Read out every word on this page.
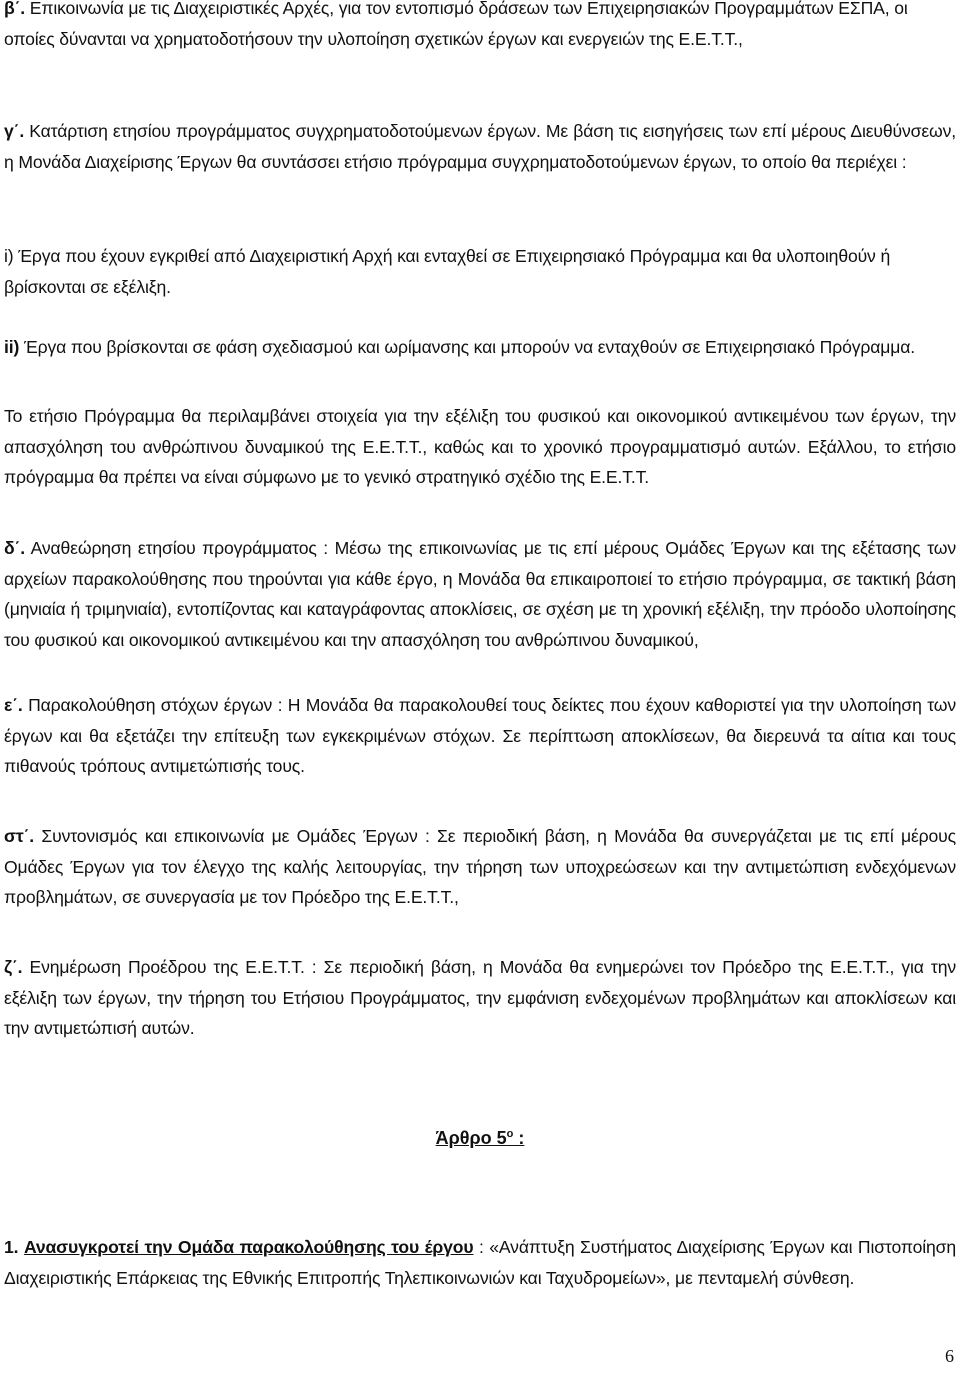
β΄. Επικοινωνία με τις Διαχειριστικές Αρχές, για τον εντοπισμό δράσεων των Επιχειρησιακών Προγραμμάτων ΕΣΠΑ, οι οποίες δύνανται να χρηματοδοτήσουν την υλοποίηση σχετικών έργων και ενεργειών της Ε.Ε.Τ.Τ.,

γ΄. Κατάρτιση ετησίου προγράμματος συγχρηματοδοτούμενων έργων. Με βάση τις εισηγήσεις των επί μέρους Διευθύνσεων, η Μονάδα Διαχείρισης Έργων θα συντάσσει ετήσιο πρόγραμμα συγχρηματοδοτούμενων έργων, το οποίο θα περιέχει :

i) Έργα που έχουν εγκριθεί από Διαχειριστική Αρχή και ενταχθεί σε Επιχειρησιακό Πρόγραμμα και θα υλοποιηθούν ή βρίσκονται σε εξέλιξη.

ii) Έργα που βρίσκονται σε φάση σχεδιασμού και ωρίμανσης και μπορούν να ενταχθούν σε Επιχειρησιακό Πρόγραμμα.

Το ετήσιο Πρόγραμμα θα περιλαμβάνει στοιχεία για την εξέλιξη του φυσικού και οικονομικού αντικειμένου των έργων, την απασχόληση του ανθρώπινου δυναμικού της Ε.Ε.Τ.Τ., καθώς και το χρονικό προγραμματισμό αυτών. Εξάλλου, το ετήσιο πρόγραμμα θα πρέπει να είναι σύμφωνο με το γενικό στρατηγικό σχέδιο της Ε.Ε.Τ.Τ.

δ΄. Αναθεώρηση ετησίου προγράμματος : Μέσω της επικοινωνίας με τις επί μέρους Ομάδες Έργων και της εξέτασης των αρχείων παρακολούθησης που τηρούνται για κάθε έργο, η Μονάδα θα επικαιροποιεί το ετήσιο πρόγραμμα, σε τακτική βάση (μηνιαία ή τριμηνιαία), εντοπίζοντας και καταγράφοντας αποκλίσεις, σε σχέση με τη χρονική εξέλιξη, την πρόοδο υλοποίησης του φυσικού και οικονομικού αντικειμένου και την απασχόληση του ανθρώπινου δυναμικού,

ε΄. Παρακολούθηση στόχων έργων : Η Μονάδα θα παρακολουθεί τους δείκτες που έχουν καθοριστεί για την υλοποίηση των έργων και θα εξετάζει την επίτευξη των εγκεκριμένων στόχων. Σε περίπτωση αποκλίσεων, θα διερευνά τα αίτια και τους πιθανούς τρόπους αντιμετώπισής τους.

στ΄. Συντονισμός και επικοινωνία με Ομάδες Έργων : Σε περιοδική βάση, η Μονάδα θα συνεργάζεται με τις επί μέρους Ομάδες Έργων για τον έλεγχο της καλής λειτουργίας, την τήρηση των υποχρεώσεων και την αντιμετώπιση ενδεχόμενων προβλημάτων, σε συνεργασία με τον Πρόεδρο της Ε.Ε.Τ.Τ.,

ζ΄. Ενημέρωση Προέδρου της Ε.Ε.Τ.Τ. : Σε περιοδική βάση, η Μονάδα θα ενημερώνει τον Πρόεδρο της Ε.Ε.Τ.Τ., για την εξέλιξη των έργων, την τήρηση του Ετήσιου Προγράμματος, την εμφάνιση ενδεχομένων προβλημάτων και αποκλίσεων και την αντιμετώπισή αυτών.

Άρθρο $5^o$ :

1. Ανασυγκροτεί την Ομάδα παρακολούθησης του έργου : «Ανάπτυξη Συστήματος Διαχείρισης Έργων και Πιστοποίηση Διαχειριστικής Επάρκειας της Εθνικής Επιτροπής Τηλεπικοινωνιών και Ταχυδρομείων», με πενταμελή σύνθεση.

6
